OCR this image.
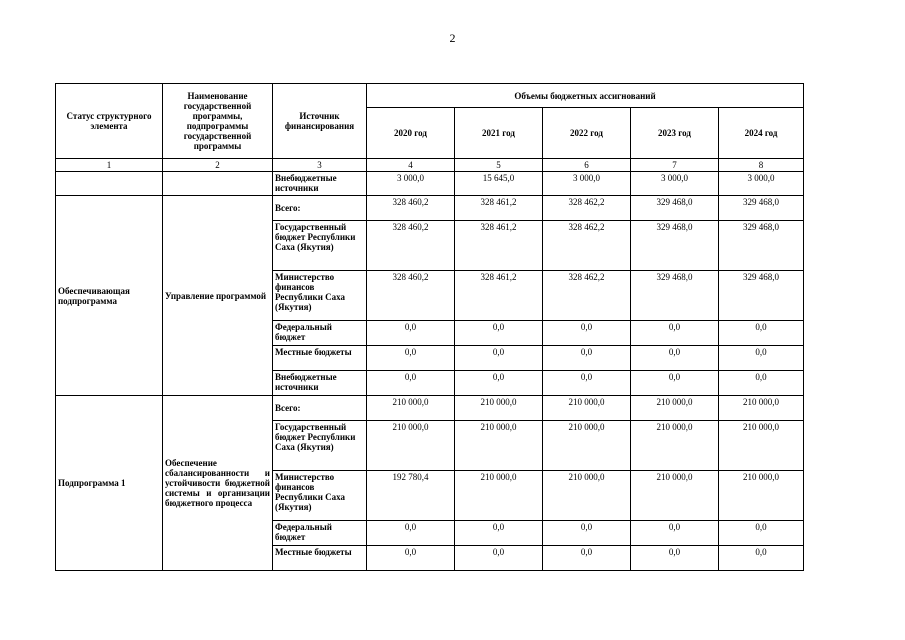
2
Статус структурного элемента	Наименование государственной программы, подпрограммы государственной программы	Источник финансирования	Объемы бюджетных ассигнований				
			2020 год	2021 год	2022 год	2023 год	2024 год
1	2	3	4	5	6	7	8
		Внебюджетные источники	3 000,0	15 645,0	3 000,0	3 000,0	3 000,0
Обеспечивающая подпрограмма	Управление программой	Всего:	328 460,2	328 461,2	328 462,2	329 468,0	329 468,0
		Государственный бюджет Республики Саха (Якутия)	328 460,2	328 461,2	328 462,2	329 468,0	329 468,0
		Министерство финансов Республики Саха (Якутия)	328 460,2	328 461,2	328 462,2	329 468,0	329 468,0
		Федеральный бюджет	0,0	0,0	0,0	0,0	0,0
		Местные бюджеты	0,0	0,0	0,0	0,0	0,0
		Внебюджетные источники	0,0	0,0	0,0	0,0	0,0
Подпрограмма 1	Обеспечение сбалансированности и устойчивости бюджетной системы и организации бюджетного процесса	Всего:	210 000,0	210 000,0	210 000,0	210 000,0	210 000,0
		Государственный бюджет Республики Саха (Якутия)	210 000,0	210 000,0	210 000,0	210 000,0	210 000,0
		Министерство финансов Республики Саха (Якутия)	192 780,4	210 000,0	210 000,0	210 000,0	210 000,0
		Федеральный бюджет	0,0	0,0	0,0	0,0	0,0
		Местные бюджеты	0,0	0,0	0,0	0,0	0,0
